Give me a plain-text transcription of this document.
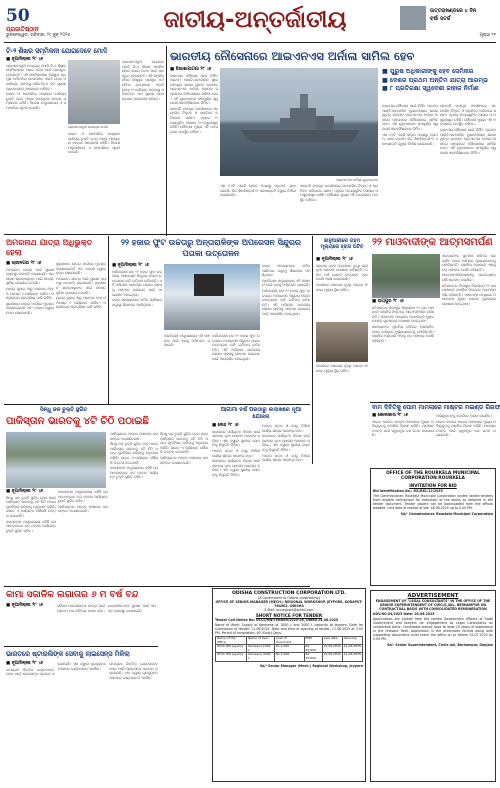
50 $^{ପ୍ରଜାତିଷ୍ଠାନ}$
ଭୁବନେଶ୍ୱର, ରବିବାର, ୨୯ ଜୁନ୍ ୨୦୨୫
ଜାତୀୟ-ଅନ୍ତର୍ଜାତୀୟ	ଉତ୍ତରାଖଣ୍ଡରେ ୪ ଦିନ
ବର୍ଷା ସତର୍କ
ପୃଷ୍ଠା ୧୧
ଟି-୨ ଶିଖର ସମ୍ମିଳନୀ ଯୋଗଦେବେ ମୋଦି
ପ୍ରଧାନମନ୍ତ୍ରୀ ନରେନ୍ଦ୍ର ମୋଦି
■ ନୂଆଦିଲ୍ଲୀ ୨୮ ।୬

ପ୍ରଧାନମନ୍ତ୍ରୀ ନରେନ୍ଦ୍ର ମୋଦି ଜି-୭ ଶିଖର ସମ୍ମିଳନୀରେ ଯୋଗ ଦେବା ପାଇଁ ପ୍ରସ୍ତୁତ ହେଉଛନ୍ତି। ଏହି ସମ୍ମିଳନୀରେ ବିଶ୍ୱର ପ୍ରମୁଖ ଅର୍ଥନୀତିର ନେତାମାନେ ଏକାଠି ହେବେ ଓ ବାଣିଜ୍ୟ, ଜଳବାୟୁ ପରିବର୍ତ୍ତନ ଏବଂ ସୁରକ୍ଷା ପ୍ରସଙ୍ଗରେ ଆଲୋଚନା କରିବେ।

ଭାରତ ଓ ଆମେରିକା ମଧ୍ୟରେ ବାଣିଜ୍ୟ ଚୁକ୍ତି ନେଇ ମଧ୍ୟ ଆଲୋଚନା ହେବାର ସମ୍ଭାବନା ରହିଛି। ବିଦେଶ ମନ୍ତ୍ରଣାଳୟ ଏ ସମ୍ପର୍କରେ ସୂଚନା ଦେଇଛି।

ଭାରତ ଓ ଆମେରିକା ମଧ୍ୟରେ ବାଣିଜ୍ୟ ଚୁକ୍ତି ନେଇ ମଧ୍ୟ ଆଲୋଚନା ହେବାର ସମ୍ଭାବନା ରହିଛି। ବିଦେଶ ମନ୍ତ୍ରଣାଳୟ ଏ ସମ୍ପର୍କରେ ସୂଚନା ଦେଇଛି।

ପ୍ରଧାନମନ୍ତ୍ରୀ ନରେନ୍ଦ୍ର ମୋଦି ଜି-୭ ଶିଖର ସମ୍ମିଳନୀରେ ଯୋଗ ଦେବା ପାଇଁ ପ୍ରସ୍ତୁତ ହେଉଛନ୍ତି। ଏହି ସମ୍ମିଳନୀରେ ବିଶ୍ୱର ପ୍ରମୁଖ ଅର୍ଥନୀତିର ନେତାମାନେ ଏକାଠି ହେବେ ଓ ବାଣିଜ୍ୟ, ଜଳବାୟୁ ପରିବର୍ତ୍ତନ ଏବଂ ସୁରକ୍ଷା ପ୍ରସଙ୍ଗରେ ଆଲୋଚନା କରିବେ।

ଭାରତୀୟ ନୌସେନାରେ ଆଇଏନଏସ ଅର୍ନାଳା ସାମିଲ ହେବ
■ ବିଶାଖାପାଟଣା ୨୮ ।୬

ଭାରତୀୟ ନୌସେନା ପାଇଁ ନିର୍ମିତ ପ୍ରଥମ ଆଣ୍ଟି-ସବମେରିନ ୱାରଫେୟାର ଶାଲୋ ୱାଟର କ୍ରାଫ୍ଟ ଆଇଏନଏସ ଅର୍ନାଳା ଆସନ୍ତା ସପ୍ତାହରେ ନୌସେନାରେ ସାମିଲ ହେବ। ଏହି ଯୁଦ୍ଧଜାହାଜ ସମ୍ପୂର୍ଣ୍ଣ ସ୍ୱଦେଶୀ ଜ୍ଞାନକୌଶଳରେ ନିର୍ମିତ।

ଜାହାଜଟି ଉପକୂଳ ଜଳସୀମାରେ ସବମେରିନ ଚିହ୍ନଟ ଓ ପ୍ରତିହତ କରିବାରେ ସକ୍ଷମ। ଏଥିରେ ଅତ୍ୟାଧୁନିକ ସୋନାର ଓ ଅସ୍ତ୍ରଶସ୍ତ୍ର ରହିଛି। ନୌସେନା ମୁଖ୍ୟ ଏହି ଅବସରରେ ଉପସ୍ଥିତ ରହିବେ।

ଆଇଏନଏସ ଅର୍ନାଳା ଯୁଦ୍ଧଜାହାଜ

ଏହା ୧୬ଟି ଏଭଳି ଜାହାଜ ମଧ୍ୟରୁ ପ୍ରଥମ, ଯାହା ଗାର୍ଡେନ ରିଚ ଶିପବିଲ୍ଡର୍ସ ଓ ଏଲଆଣ୍ଡଟି ଦ୍ୱାରା ନିର୍ମାଣ କରାଯାଉଛି।

ଜାହାଜଟି ଉପକୂଳ ଜଳସୀମାରେ ସବମେରିନ ଚିହ୍ନଟ ଓ ପ୍ରତିହତ କରିବାରେ ସକ୍ଷମ। ଏଥିରେ ଅତ୍ୟାଧୁନିକ ସୋନାର ଓ ଅସ୍ତ୍ରଶସ୍ତ୍ର ରହିଛି। ନୌସେନା ମୁଖ୍ୟ ଏହି ଅବସରରେ ଉପସ୍ଥିତ ରହିବେ।

■ ପୁରୁଷ ଅଧିକାରୀଙ୍କୁ ହେବ ସେମିନାର
■ ଦେଶର ପ୍ରଥମ ଅନ୍ତିମ ଯାତ୍ରା ଆରମ୍ଭ
■ ୮ ପ୍ରତିରକ୍ଷା ସ୍ୱଦେଶୀ ଜାହାଜ ନିର୍ମାଣ

ଭାରତୀୟ ନୌସେନା ପାଇଁ ନିର୍ମିତ ପ୍ରଥମ ଆଣ୍ଟି-ସବମେରିନ ୱାରଫେୟାର ଶାଲୋ ୱାଟର କ୍ରାଫ୍ଟ ଆଇଏନଏସ ଅର୍ନାଳା ଆସନ୍ତା ସପ୍ତାହରେ ନୌସେନାରେ ସାମିଲ ହେବ। ଏହି ଯୁଦ୍ଧଜାହାଜ ସମ୍ପୂର୍ଣ୍ଣ ସ୍ୱଦେଶୀ ଜ୍ଞାନକୌଶଳରେ ନିର୍ମିତ।

ଏହା ୧୬ଟି ଏଭଳି ଜାହାଜ ମଧ୍ୟରୁ ପ୍ରଥମ, ଯାହା ଗାର୍ଡେନ ରିଚ ଶିପବିଲ୍ଡର୍ସ ଓ ଏଲଆଣ୍ଡଟି ଦ୍ୱାରା ନିର୍ମାଣ କରାଯାଉଛି।

ଜାହାଜଟି ଉପକୂଳ ଜଳସୀମାରେ ସବମେରିନ ଚିହ୍ନଟ ଓ ପ୍ରତିହତ କରିବାରେ ସକ୍ଷମ। ଏଥିରେ ଅତ୍ୟାଧୁନିକ ସୋନାର ଓ ଅସ୍ତ୍ରଶସ୍ତ୍ର ରହିଛି। ନୌସେନା ମୁଖ୍ୟ ଏହି ଅବସରରେ ଉପସ୍ଥିତ ରହିବେ।

ଭାରତୀୟ ନୌସେନା ପାଇଁ ନିର୍ମିତ ପ୍ରଥମ ଆଣ୍ଟି-ସବମେରିନ ୱାରଫେୟାର ଶାଲୋ ୱାଟର କ୍ରାଫ୍ଟ ଆଇଏନଏସ ଅର୍ନାଳା ଆସନ୍ତା ସପ୍ତାହରେ ନୌସେନାରେ ସାମିଲ ହେବ। ଏହି ଯୁଦ୍ଧଜାହାଜ ସମ୍ପୂର୍ଣ୍ଣ ସ୍ୱଦେଶୀ ଜ୍ଞାନକୌଶଳରେ ନିର୍ମିତ।

ଅମରନାଥ ଯାତ୍ରା ଅଧିଭୁକ୍ତ ହେଲା
■ ଶ୍ରୀନଗର ୨୮ ।୬

ଅମରନାଥ ଯାତ୍ରା ପାଇଁ ସୁରକ୍ଷା ବ୍ୟବସ୍ଥା କଡ଼ାକଡ଼ି କରାଯାଇଛି। ପ୍ରଶାସନ ଶ୍ରଦ୍ଧାଳୁଙ୍କ ପାଇଁ ସମସ୍ତ ସୁବିଧା ଯୋଗାଇ ଦେଇଛି।

ଯାତ୍ରା ଜୁଲାଇ ୩ରୁ ଆରମ୍ଭ ହେବ ଓ ଅଗଷ୍ଟ ୯ ପର୍ଯ୍ୟନ୍ତ ଚାଲିବ। ପଞ୍ଜୀକରଣ ପ୍ରକ୍ରିୟା ଜାରି ରହିଛି।

ସୁରକ୍ଷାବଳ ଯାତ୍ରା ମାର୍ଗରେ ମୁତୟନ କରାଯାଇଛନ୍ତି ଏବଂ ଡ୍ରୋନ ଦ୍ୱାରା ନଜର ରଖାଯାଉଛି।

ସୁରକ୍ଷାବଳ ଯାତ୍ରା ମାର୍ଗରେ ମୁତୟନ କରାଯାଇଛନ୍ତି ଏବଂ ଡ୍ରୋନ ଦ୍ୱାରା ନଜର ରଖାଯାଉଛି।

ଅମରନାଥ ଯାତ୍ରା ପାଇଁ ସୁରକ୍ଷା ବ୍ୟବସ୍ଥା କଡ଼ାକଡ଼ି କରାଯାଇଛି। ପ୍ରଶାସନ ଶ୍ରଦ୍ଧାଳୁଙ୍କ ପାଇଁ ସମସ୍ତ ସୁବିଧା ଯୋଗାଇ ଦେଇଛି।

ଯାତ୍ରା ଜୁଲାଇ ୩ରୁ ଆରମ୍ଭ ହେବ ଓ ଅଗଷ୍ଟ ୯ ପର୍ଯ୍ୟନ୍ତ ଚାଲିବ। ପଞ୍ଜୀକରଣ ପ୍ରକ୍ରିୟା ଜାରି ରହିଛି।

୨୨ ହଜାର ଫୁଟ ଉଚ୍ଚତାରୁ ଅନ୍ତାରାଳିଙ୍କ ଅପରେସନ ସିନ୍ଦୁରର ପତାକା ଉତ୍ତୋଳନ
■ ନୂଆଦିଲ୍ଲୀ ୨୮ ।୬

ପର୍ବତାରୋହୀ ଦଳ ୨୨ ହଜାର ଫୁଟ ଉଚ୍ଚତାରେ ଅପରେସନ ସିନ୍ଦୁରର ପତାକା ଉତ୍ତୋଳନ କରି ଇତିହାସ ରଚିଛନ୍ତି। ଏହି ଅଭିଯାନ ଭାରତୀୟ ସେନାର ସାହସକୁ ସମ୍ମାନ ଜଣାଇବା ପାଇଁ ଆୟୋଜିତ ହୋଇଥିଲା।

ଦଳର ସଦସ୍ୟମାନେ କଠିନ ପାଣିପାଗ ସତ୍ତ୍ୱେ ଶିଖରରେ ପହଞ୍ଚିଥିଲେ।

ପ୍ରତିରକ୍ଷା ମନ୍ତ୍ରଣାଳୟ ଏହି ସଫଳତା ପାଇଁ ଦଳକୁ ଅଭିନନ୍ଦନ ଜଣାଇଛି।

ପର୍ବତାରୋହୀ ଦଳ ୨୨ ହଜାର ଫୁଟ ଉଚ୍ଚତାରେ ଅପରେସନ ସିନ୍ଦୁରର ପତାକା ଉତ୍ତୋଳନ କରି ଇତିହାସ ରଚିଛନ୍ତି। ଏହି ଅଭିଯାନ ଭାରତୀୟ ସେନାର ସାହସକୁ ସମ୍ମାନ ଜଣାଇବା ପାଇଁ ଆୟୋଜିତ ହୋଇଥିଲା।

ଦଳର ସଦସ୍ୟମାନେ କଠିନ ପାଣିପାଗ ସତ୍ତ୍ୱେ ଶିଖରରେ ପହଞ୍ଚିଥିଲେ।

ପ୍ରତିରକ୍ଷା ମନ୍ତ୍ରଣାଳୟ ଏହି ସଫଳତା ପାଇଁ ଦଳକୁ ଅଭିନନ୍ଦନ ଜଣାଇଛି।

ପର୍ବତାରୋହୀ ଦଳ ୨୨ ହଜାର ଫୁଟ ଉଚ୍ଚତାରେ ଅପରେସନ ସିନ୍ଦୁରର ପତାକା ଉତ୍ତୋଳନ କରି ଇତିହାସ ରଚିଛନ୍ତି। ଏହି ଅଭିଯାନ ଭାରତୀୟ ସେନାର ସାହସକୁ ସମ୍ମାନ ଜଣାଇବା ପାଇଁ ଆୟୋଜିତ ହୋଇଥିଲା।

ଜାନୁଆରୀରେ ଗହମ ମୂଲ୍ୟରେ ହ୍ରାସ ଘଟିବ
■ ନୂଆଦିଲ୍ଲୀ ୨୮ ।୬

ସରକାର ଗହମ ଉତ୍ପାଦନ ବୃଦ୍ଧି ପାଇଁ ନୂଆ ଯୋଜନା ଘୋଷଣା କରିଛନ୍ତି। ଚଳିତ ବର୍ଷ ରେକର୍ଡ ଉତ୍ପାଦନ ହେବ ବୋଲି ଆଶା କରାଯାଉଛି।

ବଜାରରେ ଯୋଗାଣ ବୃଦ୍ଧି ପାଇବା ଫଳରେ ମୂଲ୍ୟ ସ୍ଥିର ରହିବ।

୨୨ ମାଓବାଦୀଙ୍କ ଆତ୍ମସମର୍ପଣ
■ ରାୟପୁର ୨୮ ।୬

ଛତିଶଗଡ଼ର ବିଜାପୁର ଜିଲ୍ଲାରେ ୨୨ ଜଣ ମାଓବାଦୀ ପୋଲିସ ନିକଟରେ ଆତ୍ମସମର୍ପଣ କରିଛନ୍ତି। ଏମାନଙ୍କ ମଧ୍ୟରେ ଅନେକଙ୍କ ମୁଣ୍ଡ ଉପରେ ପୁରସ୍କାର ଘୋଷଣା ହୋଇଥିଲା।

ସରକାରଙ୍କ ପୁନର୍ବାସ ନୀତିରେ ପ୍ରଭାବିତ ହୋଇ ସେମାନେ ମୁଖ୍ୟସ୍ରୋତକୁ ଫେରିଛନ୍ତି। ପୋଲିସ ଅଧିକାରୀ ଏହାକୁ ବଡ଼ ସଫଳତା ବୋଲି କହିଛନ୍ତି।

ସରକାରଙ୍କ ପୁନର୍ବାସ ନୀତିରେ ପ୍ରଭାବିତ ହୋଇ ସେମାନେ ମୁଖ୍ୟସ୍ରୋତକୁ ଫେରିଛନ୍ତି। ପୋଲିସ ଅଧିକାରୀ ଏହାକୁ ବଡ଼ ସଫଳତା ବୋଲି କହିଛନ୍ତି।

ଆତ୍ମସମର୍ପଣକାରୀଙ୍କୁ ପ୍ରୋତ୍ସାହନ ରାଶି ପ୍ରଦାନ କରାଯିବ।

ଛତିଶଗଡ଼ର ବିଜାପୁର ଜିଲ୍ଲାରେ ୨୨ ଜଣ ମାଓବାଦୀ ପୋଲିସ ନିକଟରେ ଆତ୍ମସମର୍ପଣ କରିଛନ୍ତି। ଏମାନଙ୍କ ମଧ୍ୟରେ ଅନେକଙ୍କ ମୁଣ୍ଡ ଉପରେ ପୁରସ୍କାର ଘୋଷଣା ହୋଇଥିଲା।

ବଜାରରେ ଯୋଗାଣ ବୃଦ୍ଧି ପାଇବା ଫଳରେ ମୂଲ୍ୟ ସ୍ଥିର ରହିବ।

ବାମ ଦିବିତିକୁ ପୋମ ମାମଲାରେ ମାଷ୍ଟର ମଇଣ୍ଡ ଗିରଫ
■ କୋଲକାତା ୨୮ ।୬

ଆଇନ କଲେଜ ଛାତ୍ରୀ ମାମଲାରେ ମୁଖ୍ୟ ଅଭିଯୁକ୍ତକୁ ପୋଲିସ ଗିରଫ କରିଛି। ମାମଲାର ତଦନ୍ତ ପାଇଁ ସ୍ୱତନ୍ତ୍ର ଦଳ ଗଠନ କରାଯାଇଛି।

ଅଭିଯୁକ୍ତଙ୍କୁ କୋର୍ଟରେ ହାଜର କରାଯିବ।

ଆଇନ କଲେଜ ଛାତ୍ରୀ ମାମଲାରେ ମୁଖ୍ୟ ଅଭିଯୁକ୍ତକୁ ପୋଲିସ ଗିରଫ କରିଛି। ମାମଲାର ତଦନ୍ତ ପାଇଁ ସ୍ୱତନ୍ତ୍ର ଦଳ ଗଠନ କରାଯାଇଛି।

ସିନ୍ଧୁ ଜଳ ଚୁକ୍ତି ସ୍ଥଗିତ
ପାକିସ୍ତାନ ଭାରତକୁ ୪ଟି ଚିଠି ପଠାଇଛି
■ ନୂଆଦିଲ୍ଲୀ ୨୮ ।୬

ସିନ୍ଧୁ ଜଳ ଚୁକ୍ତି ସ୍ଥଗିତ ହେବା ପରେ ପାକିସ୍ତାନ ଭାରତକୁ ୪ଟି ଚିଠି ପଠାଇ ପୁନର୍ବିଚାର କରିବାକୁ ଅନୁରୋଧ କରିଛି। ଭାରତ ଏ ପର୍ଯ୍ୟନ୍ତ କୌଣସି ଉତ୍ତର ଦେଇନାହିଁ।

ଜଳସମ୍ପଦ ମନ୍ତ୍ରଣାଳୟ କହିଛି ଯେ ଆତଙ୍କବାଦ ବନ୍ଦ ନହେବା ପର୍ଯ୍ୟନ୍ତ ଚୁକ୍ତି ସ୍ଥଗିତ ରହିବ।

ଜଳସମ୍ପଦ ମନ୍ତ୍ରଣାଳୟ କହିଛି ଯେ ଆତଙ୍କବାଦ ବନ୍ଦ ନହେବା ପର୍ଯ୍ୟନ୍ତ ଚୁକ୍ତି ସ୍ଥଗିତ ରହିବ।

ପାକିସ୍ତାନର ଅନେକ ଅଞ୍ଚଳରେ ଜଳ ସଙ୍କଟ ଦେଖାଦେଇଛି।

ପାକିସ୍ତାନର ଅନେକ ଅଞ୍ଚଳରେ ଜଳ ସଙ୍କଟ ଦେଖାଦେଇଛି।

ସିନ୍ଧୁ ଜଳ ଚୁକ୍ତି ସ୍ଥଗିତ ହେବା ପରେ ପାକିସ୍ତାନ ଭାରତକୁ ୪ଟି ଚିଠି ପଠାଇ ପୁନର୍ବିଚାର କରିବାକୁ ଅନୁରୋଧ କରିଛି। ଭାରତ ଏ ପର୍ଯ୍ୟନ୍ତ କୌଣସି ଉତ୍ତର ଦେଇନାହିଁ।

ଜଳସମ୍ପଦ ମନ୍ତ୍ରଣାଳୟ କହିଛି ଯେ ଆତଙ୍କବାଦ ବନ୍ଦ ନହେବା ପର୍ଯ୍ୟନ୍ତ ଚୁକ୍ତି ସ୍ଥଗିତ ରହିବ।

ସିନ୍ଧୁ ଜଳ ଚୁକ୍ତି ସ୍ଥଗିତ ହେବା ପରେ ପାକିସ୍ତାନ ଭାରତକୁ ୪ଟି ଚିଠି ପଠାଇ ପୁନର୍ବିଚାର କରିବାକୁ ଅନୁରୋଧ କରିଛି। ଭାରତ ଏ ପର୍ଯ୍ୟନ୍ତ କୌଣସି ଉତ୍ତର ଦେଇନାହିଁ।

ପାକିସ୍ତାନର ଅନେକ ଅଞ୍ଚଳରେ ଜଳ ସଙ୍କଟ ଦେଖାଦେଇଛି।

ଆଗାମୀ ବର୍ଷ ପରଠାରୁ ଲଦାଖରେ ନୂଆ ଯୋଜନା
■ ଲେହ ୨୮ ।୬

ଲଦାଖରେ ପର୍ଯ୍ୟଟନ ବିକାଶ ପାଇଁ ସରକାର ନୂଆ ଯୋଜନା ଆରମ୍ଭ କରିବେ। ଏହା ଦ୍ୱାରା ସ୍ଥାନୀୟ ଲୋକଙ୍କୁ ନିଯୁକ୍ତି ମିଳିବ।

ଅନେକ ସଡ଼କ ଓ ସେତୁ ନିର୍ମାଣ କାର୍ଯ୍ୟ ଶୀଘ୍ର ଆରମ୍ଭ ହେବ।

ଲଦାଖରେ ପର୍ଯ୍ୟଟନ ବିକାଶ ପାଇଁ ସରକାର ନୂଆ ଯୋଜନା ଆରମ୍ଭ କରିବେ। ଏହା ଦ୍ୱାରା ସ୍ଥାନୀୟ ଲୋକଙ୍କୁ ନିଯୁକ୍ତି ମିଳିବ।

ଅନେକ ସଡ଼କ ଓ ସେତୁ ନିର୍ମାଣ କାର୍ଯ୍ୟ ଶୀଘ୍ର ଆରମ୍ଭ ହେବ।

ଲଦାଖରେ ପର୍ଯ୍ୟଟନ ବିକାଶ ପାଇଁ ସରକାର ନୂଆ ଯୋଜନା ଆରମ୍ଭ କରିବେ। ଏହା ଦ୍ୱାରା ସ୍ଥାନୀୟ ଲୋକଙ୍କୁ ନିଯୁକ୍ତି ମିଳିବ।

ଅନେକ ସଡ଼କ ଓ ସେତୁ ନିର୍ମାଣ କାର୍ଯ୍ୟ ଶୀଘ୍ର ଆରମ୍ଭ ହେବ।

କାମା ସଜାଳିକ ଲଗାତାର ୬ ମ ବର୍ଷ ବନ୍ଦ
■ ନୂଆଦିଲ୍ଲୀ ୨୮ ।୬	କୈଳାସ ମାନସରୋବର ଯାତ୍ରା ପାଇଁ ପ୍ରଥମ ଦଳ ରବିବାର ରଓନା ହେବ। ଯାତ୍ରୀମାନଙ୍କ ସୁରକ୍ଷା ପାଇଁ ସମସ୍ତ ବ୍ୟବସ୍ଥା କରାଯାଇଛି।

ଭାରତରେ ଷ୍ଟାରଲିଙ୍କ ସେବାକୁ ଲାଇସେନ୍ସ ମିଳିଲା
■ ନୂଆଦିଲ୍ଲୀ ୨୮ ।୬

ଉପଗ୍ରହ ଭିତ୍ତିକ ଇଣ୍ଟରନେଟ ସେବା ପାଇଁ ଲାଇସେନ୍ସ ପ୍ରଦାନ କରାଯାଇଛି। ଏହା ଦ୍ୱାରା ଦୂରଦୂରାନ୍ତ ଅଞ୍ଚଳରେ ଇଣ୍ଟରନେଟ ପହଞ୍ଚିବ।

ଉପଗ୍ରହ ଭିତ୍ତିକ ଇଣ୍ଟରନେଟ ସେବା ପାଇଁ ଲାଇସେନ୍ସ ପ୍ରଦାନ କରାଯାଇଛି। ଏହା ଦ୍ୱାରା ଦୂରଦୂରାନ୍ତ ଅଞ୍ଚଳରେ ଇଣ୍ଟରନେଟ ପହଞ୍ଚିବ।

ODISHA CONSTRUCTION CORPORATION LTD.
(A Government of Odisha undertaking)
OFFICE OF SENIOR MANAGER (MECH.) REGIONAL WORKSHOP, JEYPORE, KORAPUT-764002, ODISHA
E-Mail: occjeypore@gmail.com
SHORT NOTICE FOR TENDER
Tender Call Notice No: OCCL/RW/TENDER/2025-26, Dated 24.06.2025
Name of Work: Supply of Kerosene of 1000 L and 3000 L capacity at Jeypore. Date for submission of tender: 11.06.2025. Date and time of opening of tender: 11.06.2025 at 3.00 PM. Period of completion: 60 (Sixty) Days.
Name of the Office	Name of item	Cost of document	EMD	Last date	Opening
OCCL RW Jeypore	Kerosene 1000 L	Rs 1,000	Rs 20,000	10.06.2025	11.06.2025
OCCL RW Jeypore	Kerosene 3000 L	Rs 1,000	Rs 25,000	10.06.2025	11.06.2025
Sd/- Senior Manager (Mech.) Regional Workshop, Jeypore
OFFICE OF THE ROURKELA MUNICIPAL CORPORATION ROURKELA
INVITATION FOR BID
Bid Identification No.: MC/RKL/12/2025
The Commissioner, Rourkela Municipal Corporation invites sealed tenders from eligible contractors for execution of the works as detailed in the tender document. Tender papers can be downloaded from the official website. Last date of receipt of bid: 18.06.2025 up to 5.00 PM.
Sd/- Commissioner, Rourkela Municipal Corporation
ADVERTISEMENT
ENGAGEMENT OF "LEGAL CONSULTANTS" IN THE OFFICE OF THE SENIOR SUPERINTENDENT OF CIRCLE JAIL, BERHAMPUR ON CONTRACTUAL BASIS WITH CONSOLIDATED REMUNERATION
ADV.NO.04/2025 Date: 24.06.2025
Applications are invited from the retired Government officers of State Government and lawyers for engagement as Legal Consultants on contractual basis. Candidates should have at least 10 years of experience in the relevant field. Application in the prescribed format along with supporting documents must reach the office on or before 15.07.2025 by 5.00 PM.
Sd/- Senior Superintendent, Circle Jail, Berhampur, Ganjam
